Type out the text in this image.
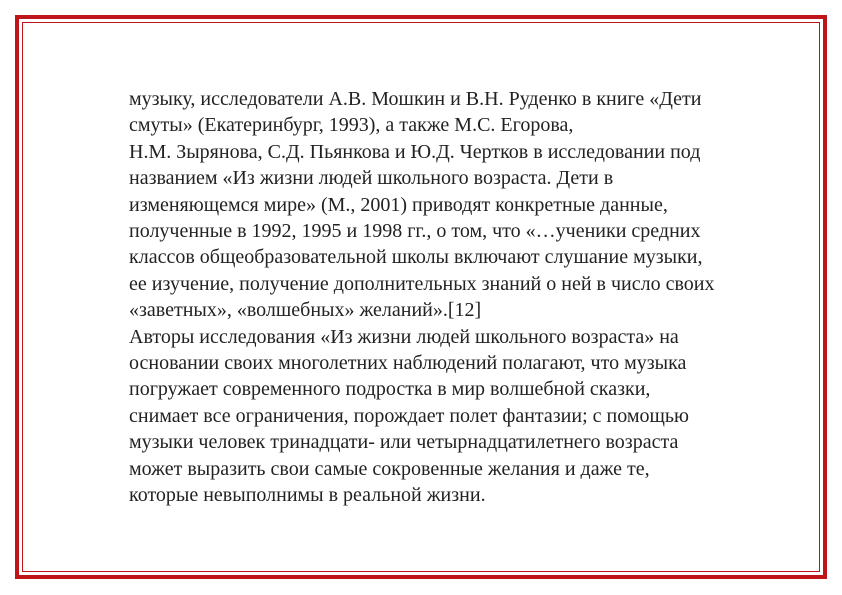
музыку, исследователи А.В. Мошкин и В.Н. Руденко в книге «Дети
смуты» (Екатеринбург, 1993), а также М.С. Егорова,
Н.М. Зырянова, С.Д. Пьянкова и Ю.Д. Чертков в исследовании под
названием «Из жизни людей школьного возраста. Дети в
изменяющемся мире» (М., 2001) приводят конкретные данные,
полученные в 1992, 1995 и 1998 гг., о том, что «…ученики средних
классов общеобразовательной школы включают слушание музыки,
ее изучение, получение дополнительных знаний о ней в число своих
«заветных», «волшебных» желаний».[12]
Авторы исследования «Из жизни людей школьного возраста» на
основании своих многолетних наблюдений полагают, что музыка
погружает современного подростка в мир волшебной сказки,
снимает все ограничения, порождает полет фантазии; с помощью
музыки человек тринадцати- или четырнадцатилетнего возраста
может выразить свои самые сокровенные желания и даже те,
которые невыполнимы в реальной жизни.
